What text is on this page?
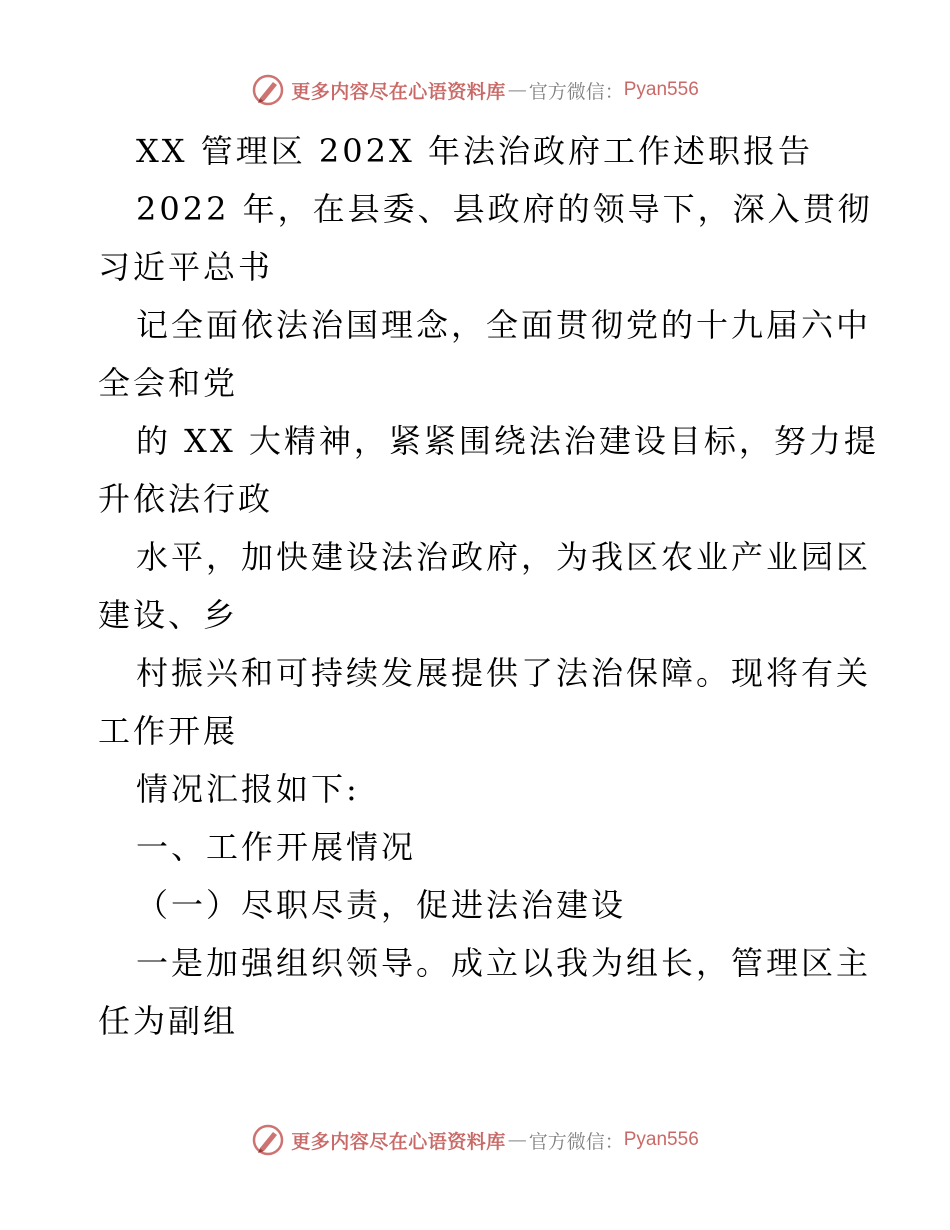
更多内容尽在心语资料库 — 官方微信： Pyan556
XX 管理区 202X 年法治政府工作述职报告
2022 年，在县委、县政府的领导下，深入贯彻
习近平总书
记全面依法治国理念，全面贯彻党的十九届六中
全会和党
的 XX 大精神，紧紧围绕法治建设目标，努力提
升依法行政
水平，加快建设法治政府，为我区农业产业园区
建设、乡
村振兴和可持续发展提供了法治保障。现将有关
工作开展
情况汇报如下:
一、工作开展情况
（一）尽职尽责，促进法治建设
一是加强组织领导。成立以我为组长，管理区主
任为副组
更多内容尽在心语资料库 — 官方微信： Pyan556
